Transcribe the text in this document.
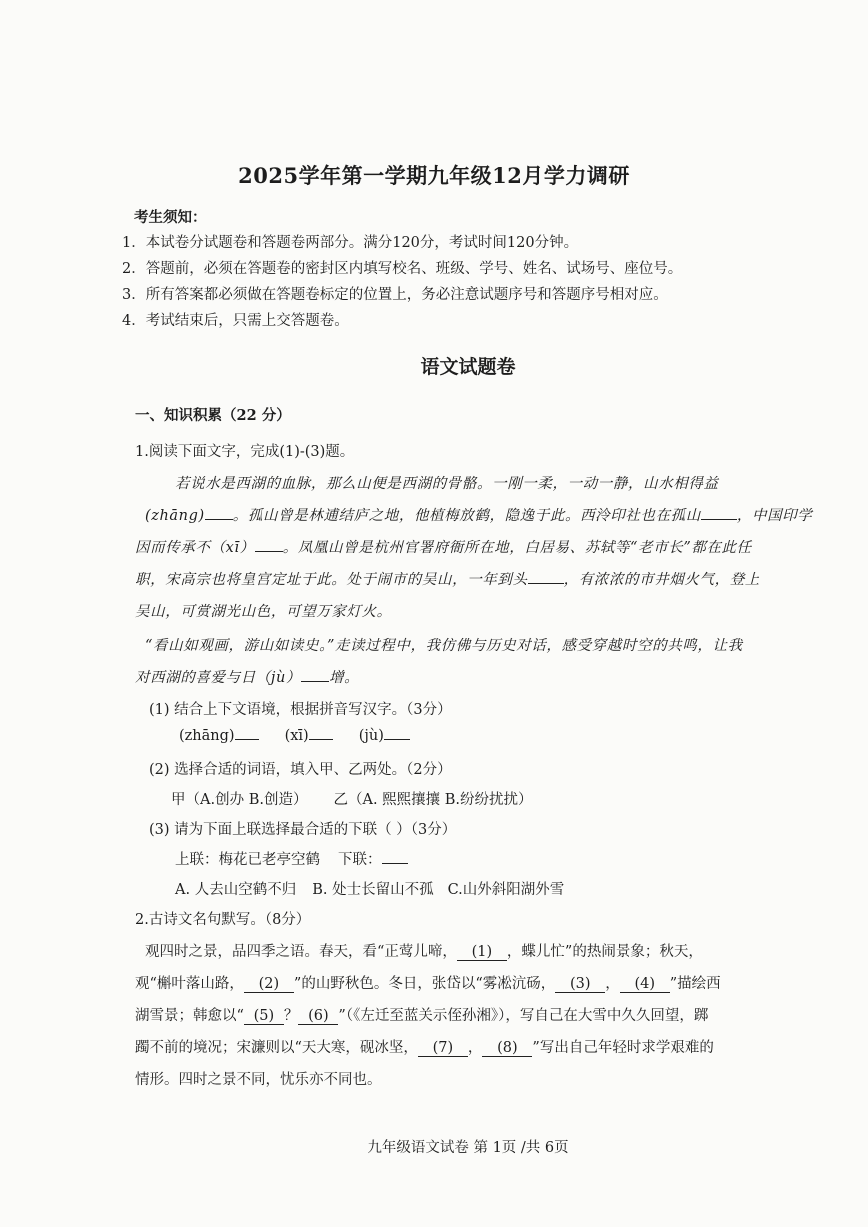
2025学年第一学期九年级12月学力调研
考生须知：
1．本试卷分试题卷和答题卷两部分。满分120分，考试时间120分钟。
2．答题前，必须在答题卷的密封区内填写校名、班级、学号、姓名、试场号、座位号。
3．所有答案都必须做在答题卷标定的位置上，务必注意试题序号和答题序号相对应。
4．考试结束后，只需上交答题卷。
语文试题卷
一、知识积累（22 分）
1.阅读下面文字，完成(1)-(3)题。
若说水是西湖的血脉，那么山便是西湖的骨骼。一刚一柔，一动一静，山水相得益
(zhāng) 。孤山曾是林逋结庐之地，他植梅放鹤，隐逸于此。西泠印社也在孤山 ，中国印学
因而传承不（xī） 。凤凰山曾是杭州官署府衙所在地，白居易、苏轼等“老市长”都在此任
职，宋高宗也将皇宫定址于此。处于闹市的吴山，一年到头 ，有浓浓的市井烟火气，登上
吴山，可赏湖光山色，可望万家灯火。
“看山如观画，游山如读史。”走读过程中，我仿佛与历史对话，感受穿越时空的共鸣，让我
对西湖的喜爱与日（jù） 增。
(1) 结合上下文语境，根据拼音写汉字。（3分）
(zhāng)	(xī)	(jù)
(2) 选择合适的词语，填入甲、乙两处。（2分）
甲（A.创办 B.创造） 乙（A. 熙熙攘攘 B.纷纷扰扰）
(3) 请为下面上联选择最合适的下联（ ）（3分）
上联：梅花已老亭空鹤 下联：
A. 人去山空鹤不归 B. 处士长留山不孤 C.山外斜阳湖外雪
2.古诗文名句默写。（8分）
观四时之景，品四季之语。春天，看“正莺儿啼， (1) ，蝶儿忙”的热闹景象；秋天，
观“槲叶落山路， (2) ”的山野秋色。冬日，张岱以“雾凇沆砀， (3) ， (4) ”描绘西
湖雪景；韩愈以“ (5) ？ (6) ”（《左迁至蓝关示侄孙湘》），写自己在大雪中久久回望，踯
躅不前的境况；宋濂则以“天大寒，砚冰坚， (7) ， (8) ”写出自己年轻时求学艰难的
情形。四时之景不同，忧乐亦不同也。
九年级语文试卷 第 1页 /共 6页
